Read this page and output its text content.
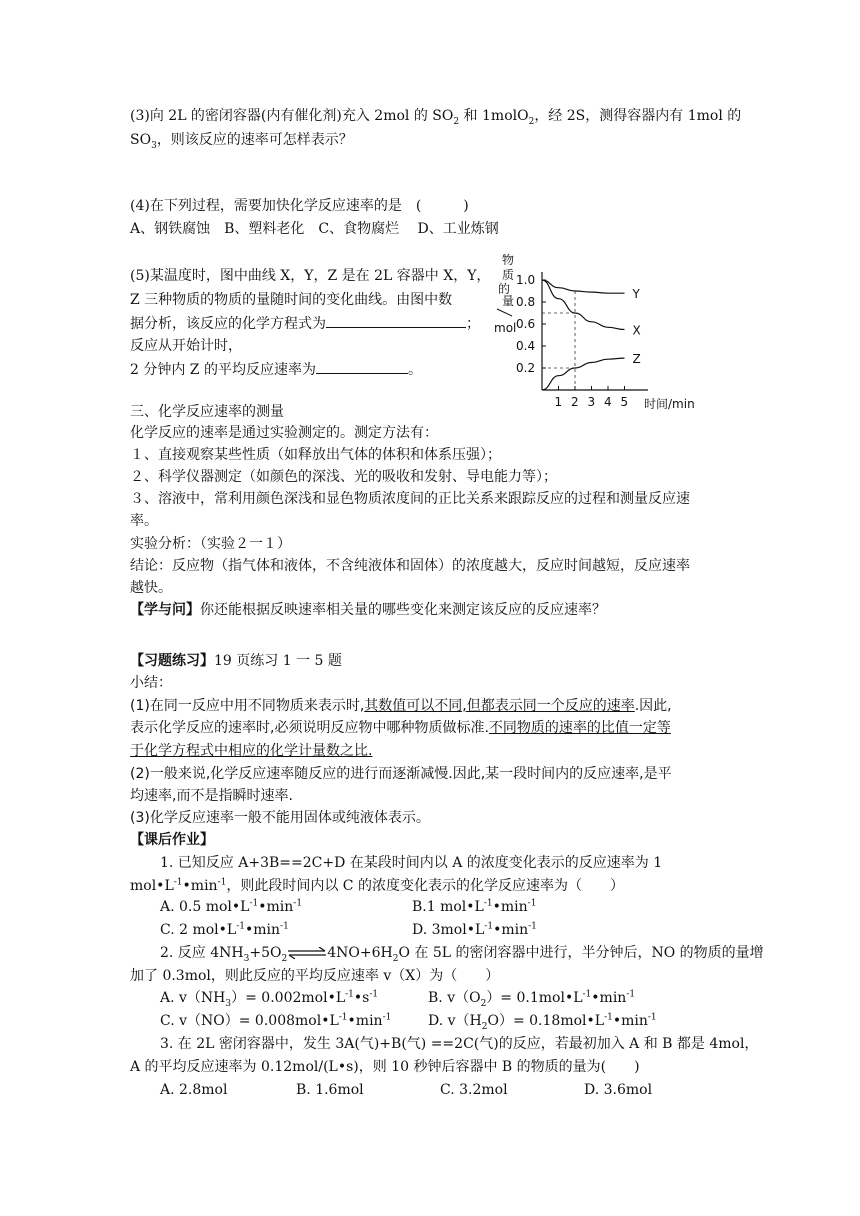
(3)向 2L 的密闭容器(内有催化剂)充入 2mol 的 $SO_2$ 和 1molO$_2$，经 2S，测得容器内有 1mol 的
$SO_3$，则该反应的速率可怎样表示？
(4)在下列过程，需要加快化学反应速率的是　(　　　)
A、钢铁腐蚀　B、塑料老化　C、食物腐烂　 D、工业炼钢
(5)某温度时，图中曲线 X，Y，Z 是在 2L 容器中 X，Y，
Z 三种物质的物质的量随时间的变化曲线。由图中数
据分析，该反应的化学方程式为	；
反应从开始计时，
2 分钟内 Z 的平均反应速率为	。
物
质
的
量
mol
Y
X
Z
1.0
0.8
0.6
0.4
0.2
1 2 3 4 5 时间/min
三、化学反应速率的测量
化学反应的速率是通过实验测定的。测定方法有：
１、直接观察某些性质（如释放出气体的体积和体系压强）；
２、科学仪器测定（如颜色的深浅、光的吸收和发射、导电能力等）；
３、溶液中，常利用颜色深浅和显色物质浓度间的正比关系来跟踪反应的过程和测量反应速
率。
实验分析：（实验２一１）
结论：反应物（指气体和液体，不含纯液体和固体）的浓度越大，反应时间越短，反应速率
越快。
【学与问】你还能根据反映速率相关量的哪些变化来测定该反应的反应速率？
【习题练习】19 页练习 1 一 5 题
小结：
(1)在同一反应中用不同物质来表示时,其数值可以不同,但都表示同一个反应的速率.因此,
表示化学反应的速率时,必须说明反应物中哪种物质做标准.不同物质的速率的比值一定等
于化学方程式中相应的化学计量数之比.
(2)一般来说,化学反应速率随反应的进行而逐渐减慢.因此,某一段时间内的反应速率,是平
均速率,而不是指瞬时速率.
(3)化学反应速率一般不能用固体或纯液体表示。
【课后作业】
1. 已知反应 A+3B==2C+D 在某段时间内以 A 的浓度变化表示的反应速率为 1
$mol•L^{-1}•\min^{-1}$，则此段时间内以 C 的浓度变化表示的化学反应速率为（　　）
A. 0.5 $mol•L^{-1}•\min^{-1}$	B.1 $mol•L^{-1}•\min^{-1}$
C. 2 $mol•L^{-1}•\min^{-1}$	D. $3mol•L^{-1}•\min^{-1}$
2. 反应 $4NH_3+5O_2\rightleftharpoons 4NO+6H_2O$ 在 5L 的密闭容器中进行，半分钟后，NO 的物质的量增
加了 0.3mol，则此反应的平均反应速率 v（X）为（　　）
A. $v(NH_3)=$ $0.002mol•L^{-1}•s^{-1}$	B. $v(O_2)=$ $0.1mol•L^{-1}•\min^{-1}$
C. $v(NO)= 0.008mol•L^{-1}•\min^{-1}$	D. $v(H_2O)=$ $0.18mol•L^{-1}•\min^{-1}$
3. 在 2L 密闭容器中，发生 3A(气)+B(气) ==2C(气)的反应，若最初加入 A 和 B 都是 4mol，
A 的平均反应速率为 0.12mol/(L•s)，则 10 秒钟后容器中 B 的物质的量为(　　)
A. 2.8mol	B. 1.6mol	C. 3.2mol	D. 3.6mol
